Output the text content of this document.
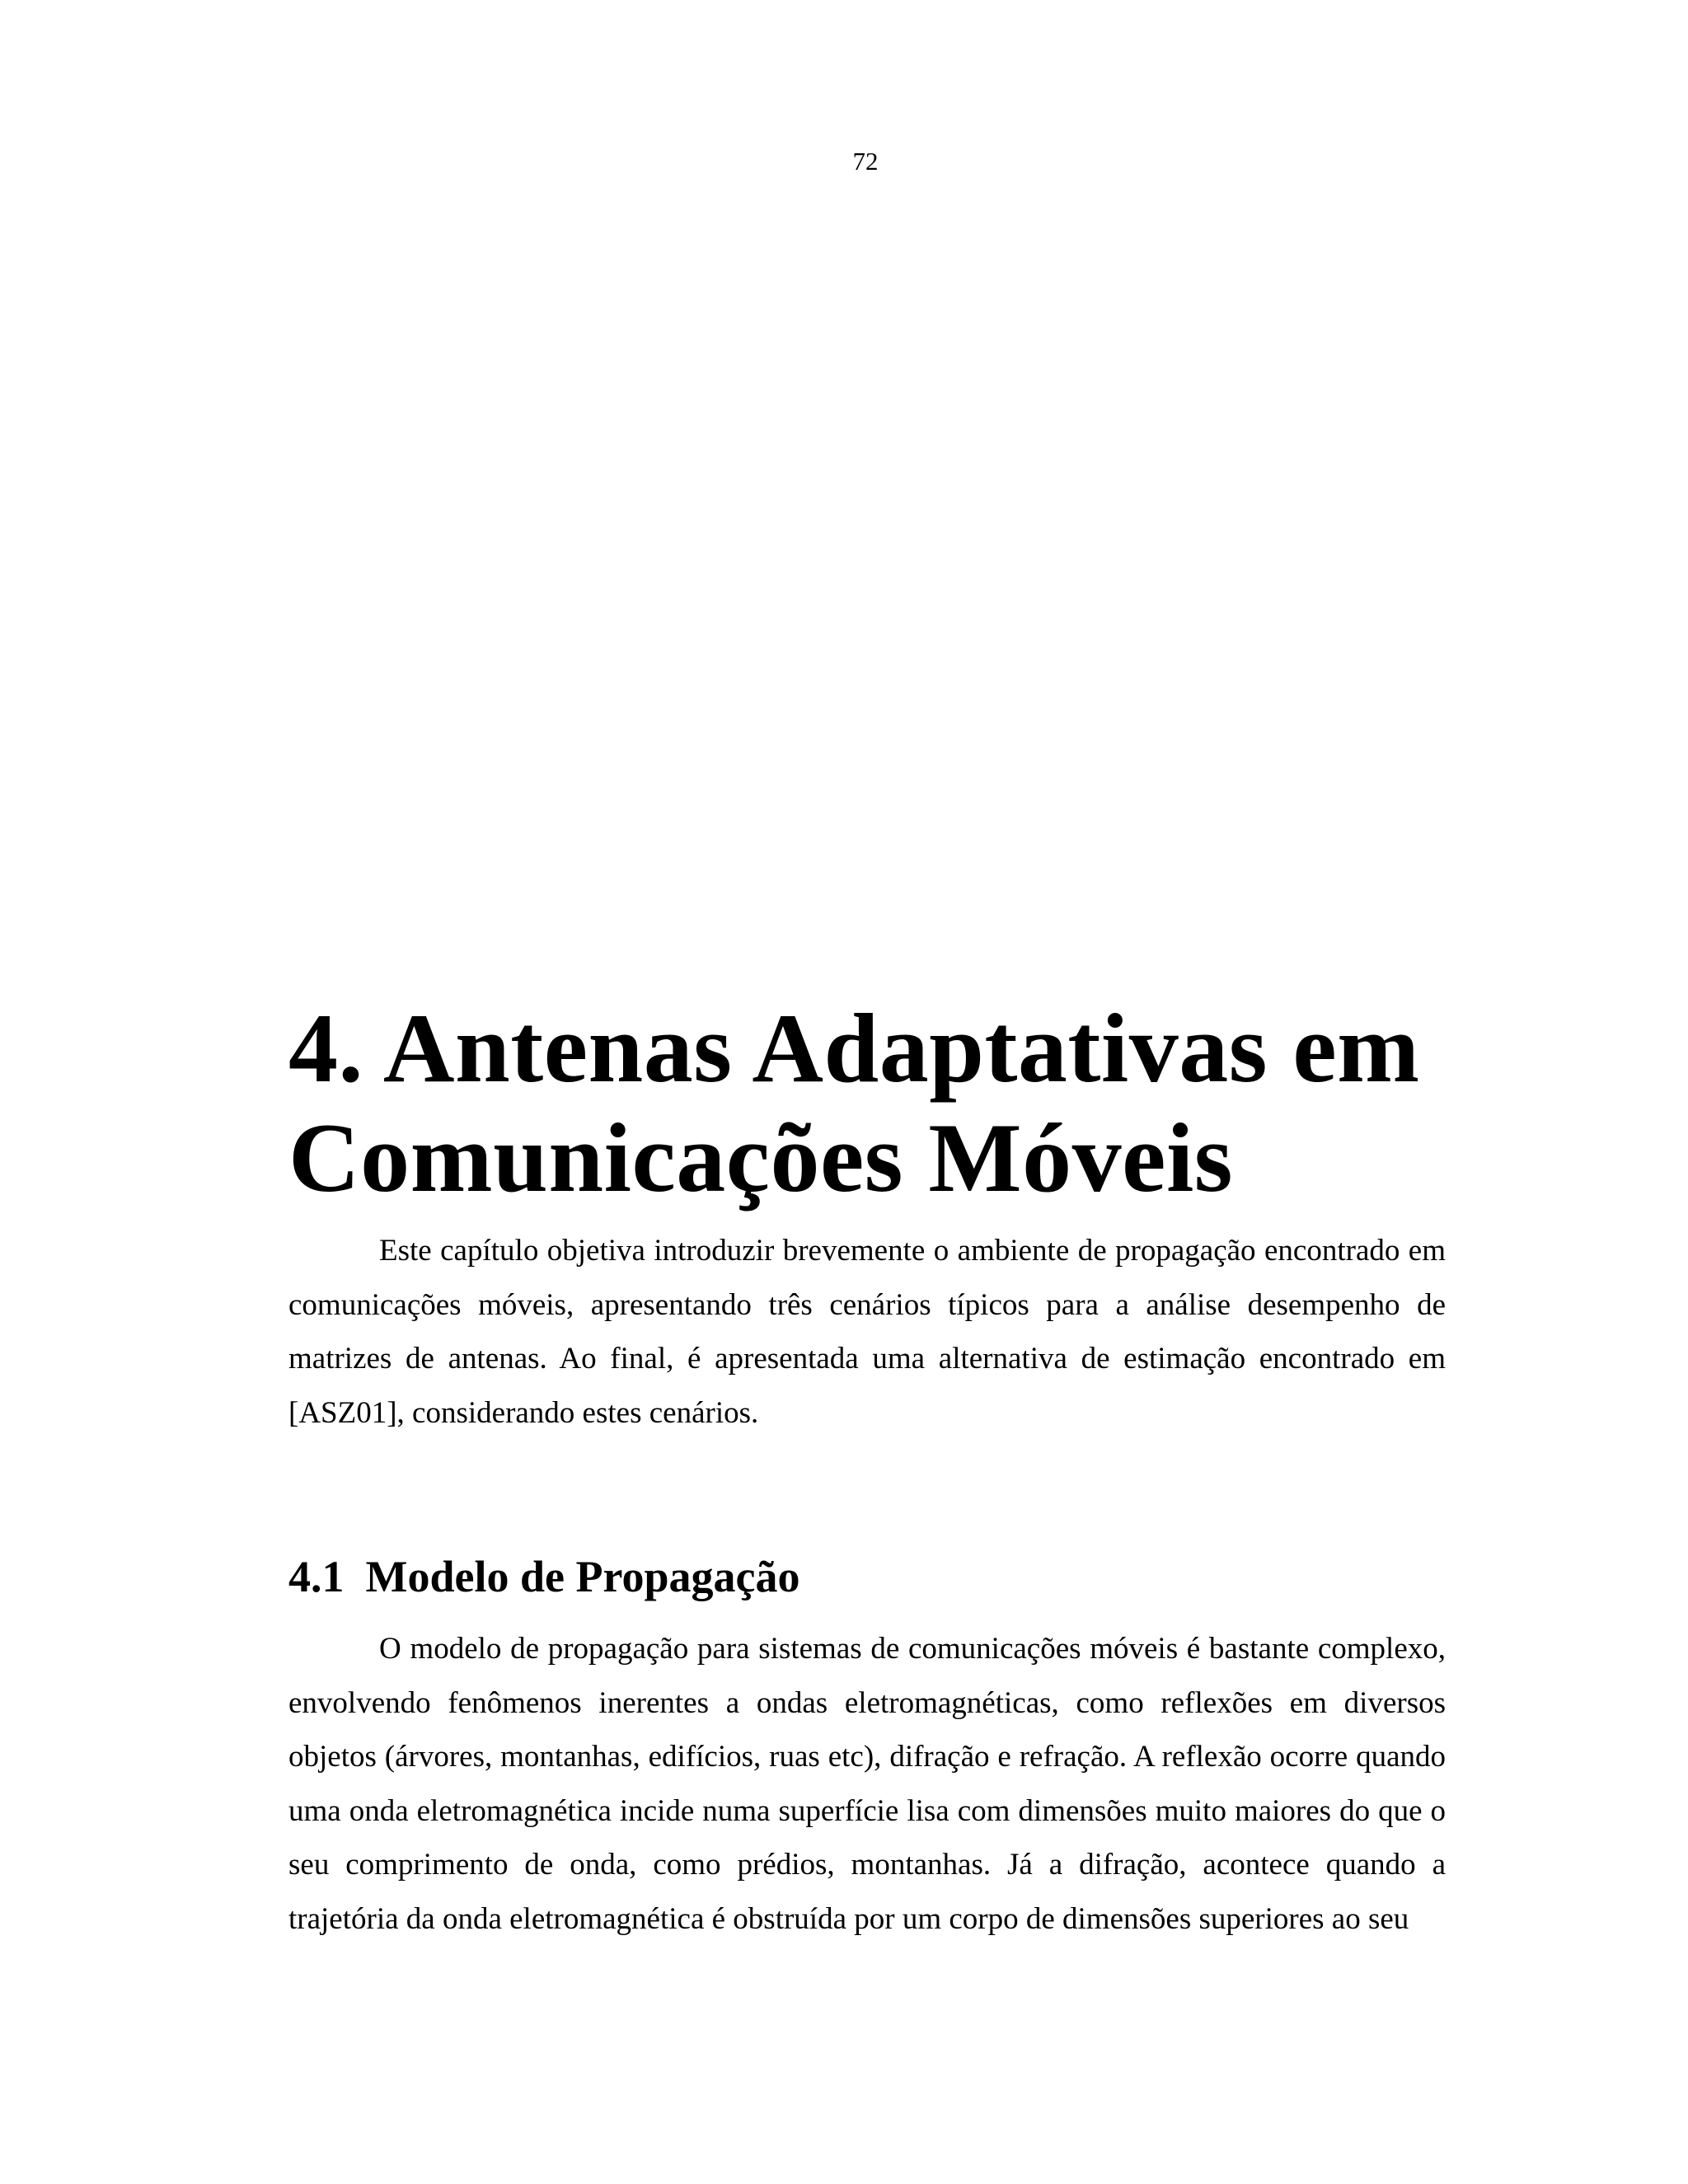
72
4. Antenas Adaptativas em Comunicações Móveis

Este capítulo objetiva introduzir brevemente o ambiente de propagação encontrado em comunicações móveis, apresentando três cenários típicos para a análise desempenho de matrizes de antenas. Ao final, é apresentada uma alternativa de estimação encontrado em [ASZ01], considerando estes cenários.

4.1 Modelo de Propagação

O modelo de propagação para sistemas de comunicações móveis é bastante complexo, envolvendo fenômenos inerentes a ondas eletromagnéticas, como reflexões em diversos objetos (árvores, montanhas, edifícios, ruas etc), difração e refração. A reflexão ocorre quando uma onda eletromagnética incide numa superfície lisa com dimensões muito maiores do que o seu comprimento de onda, como prédios, montanhas. Já a difração, acontece quando a trajetória da onda eletromagnética é obstruída por um corpo de dimensões superiores ao seu
